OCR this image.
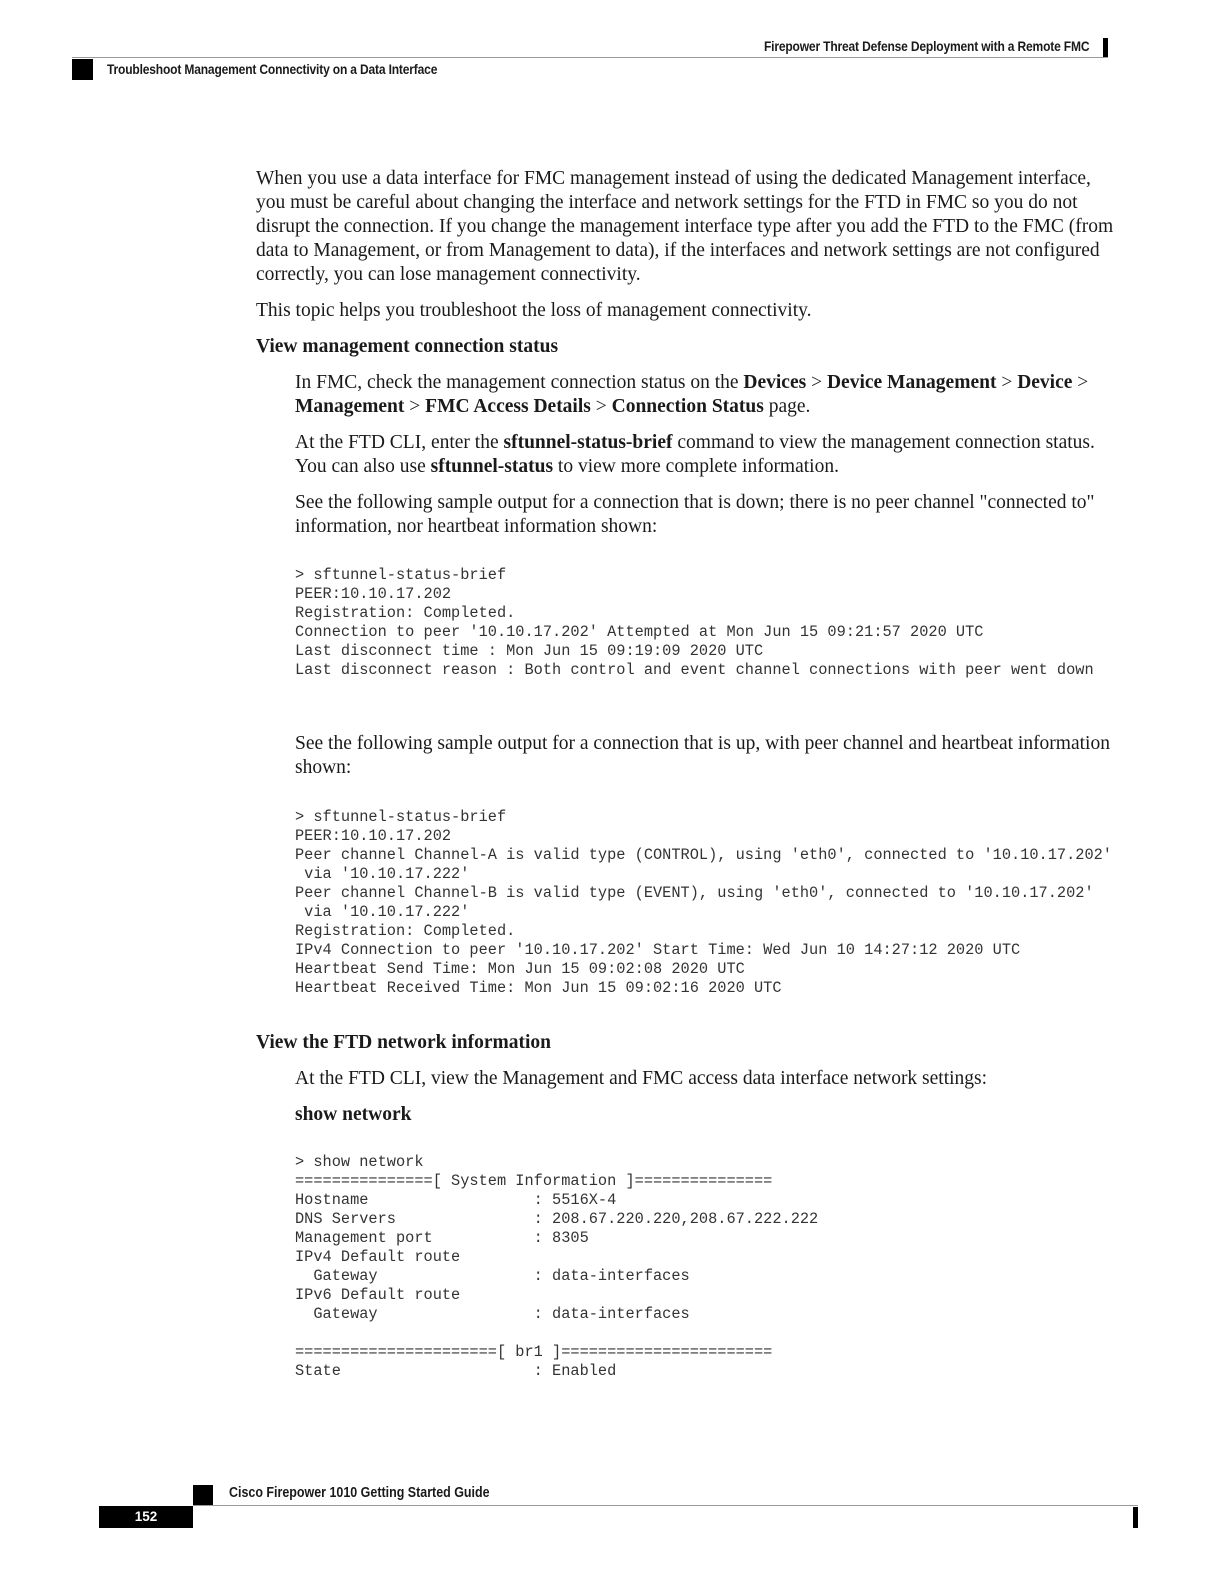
Firepower Threat Defense Deployment with a Remote FMC
Troubleshoot Management Connectivity on a Data Interface

When you use a data interface for FMC management instead of using the dedicated Management interface, you must be careful about changing the interface and network settings for the FTD in FMC so you do not disrupt the connection. If you change the management interface type after you add the FTD to the FMC (from data to Management, or from Management to data), if the interfaces and network settings are not configured correctly, you can lose management connectivity.

This topic helps you troubleshoot the loss of management connectivity.

View management connection status

In FMC, check the management connection status on the Devices > Device Management > Device > Management > FMC Access Details > Connection Status page.

At the FTD CLI, enter the sftunnel-status-brief command to view the management connection status. You can also use sftunnel-status to view more complete information.

See the following sample output for a connection that is down; there is no peer channel "connected to" information, nor heartbeat information shown:

> sftunnel-status-brief
PEER:10.10.17.202
Registration: Completed.
Connection to peer '10.10.17.202' Attempted at Mon Jun 15 09:21:57 2020 UTC
Last disconnect time : Mon Jun 15 09:19:09 2020 UTC
Last disconnect reason : Both control and event channel connections with peer went down

See the following sample output for a connection that is up, with peer channel and heartbeat information shown:

> sftunnel-status-brief
PEER:10.10.17.202
Peer channel Channel-A is valid type (CONTROL), using 'eth0', connected to '10.10.17.202'
via '10.10.17.222'
Peer channel Channel-B is valid type (EVENT), using 'eth0', connected to '10.10.17.202'
via '10.10.17.222'
Registration: Completed.
IPv4 Connection to peer '10.10.17.202' Start Time: Wed Jun 10 14:27:12 2020 UTC
Heartbeat Send Time: Mon Jun 15 09:02:08 2020 UTC
Heartbeat Received Time: Mon Jun 15 09:02:16 2020 UTC
View the FTD network information

At the FTD CLI, view the Management and FMC access data interface network settings:

show network

> show network
===============[ System Information ]===============
Hostname                  : 5516X-4
DNS Servers               : 208.67.220.220,208.67.222.222
Management port           : 8305
IPv4 Default route
Gateway                 : data-interfaces
IPv6 Default route
Gateway                 : data-interfaces

======================[ br1 ]=======================
State                     : Enabled
Cisco Firepower 1010 Getting Started Guide
152
